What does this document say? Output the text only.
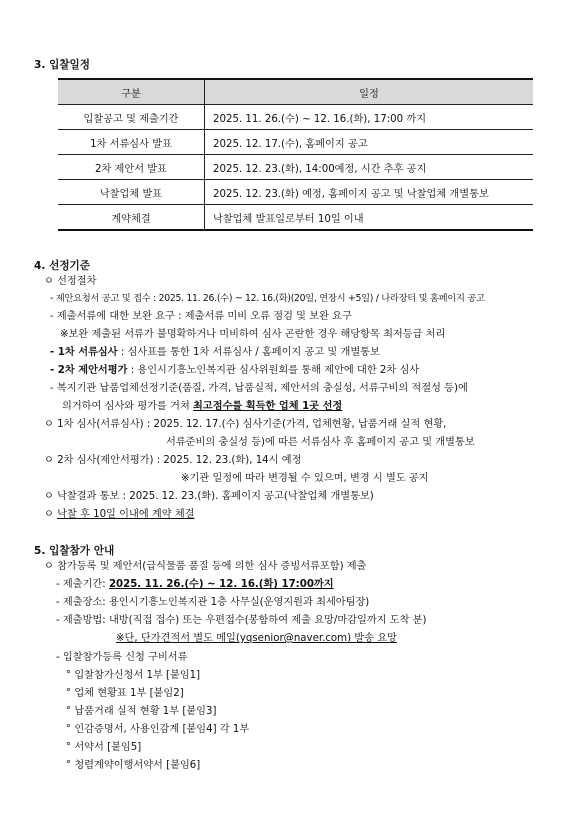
3. 입찰일정
구분	일정
입찰공고 및 제출기간	2025. 11. 26.(수) ~ 12. 16.(화), 17:00 까지
1차 서류심사 발표	2025. 12. 17.(수), 홈페이지 공고
2차 제안서 발표	2025. 12. 23.(화), 14:00예정, 시간 추후 공지
낙찰업체 발표	2025. 12. 23.(화) 예정, 홈페이지 공고 및 낙찰업체 개별통보
계약체결	낙찰업체 발표일로부터 10일 이내
4. 선정기준
ㅇ 선정절차
- 제안요청서 공고 및 접수 : 2025. 11. 26.(수) ~ 12. 16.(화)(20일, 연장시 +5일) / 나라장터 및 홈페이지 공고
- 제출서류에 대한 보완 요구 : 제출서류 미비 오류 점검 및 보완 요구
※보완 제출된 서류가 불명확하거나 미비하여 심사 곤란한 경우 해당항목 최저등급 처리
- 1차 서류심사 : 심사표를 통한 1차 서류심사 / 홈페이지 공고 및 개별통보
- 2차 제안서평가 : 용인시기흥노인복지관 심사위원회를 통해 제안에 대한 2차 심사
- 복지기관 납품업체선정기준(품질, 가격, 납품실적, 제안서의 충실성, 서류구비의 적절성 등)에
의거하여 심사와 평가를 거쳐 최고점수를 획득한 업체 1곳 선정
ㅇ 1차 심사(서류심사) : 2025. 12. 17.(수) 심사기준(가격, 업체현황, 납품거래 실적 현황,
서류준비의 충실성 등)에 따른 서류심사 후 홈페이지 공고 및 개별통보
ㅇ 2차 심사(제안서평가) : 2025. 12. 23.(화), 14시 예정
※기관 일정에 따라 변경될 수 있으며, 변경 시 별도 공지
ㅇ 낙찰결과 통보 : 2025. 12. 23.(화). 홈페이지 공고(낙찰업체 개별통보)
ㅇ 낙찰 후 10일 이내에 계약 체결
5. 입찰참가 안내
ㅇ 참가등록 및 제안서(급식물품 품질 등에 의한 심사 증빙서류포함) 제출
- 제출기간: 2025. 11. 26.(수) ~ 12. 16.(화) 17:00까지
- 제출장소: 용인시기흥노인복지관 1층 사무실(운영지원과 최세아팀장)
- 제출방법: 내방(직접 접수) 또는 우편접수(봉함하여 제출 요망/마감일까지 도착 분)
※단, 단가견적서 별도 메일(yqsenior@naver.com) 발송 요망
- 입찰참가등록 신청 구비서류
° 입찰참가신청서 1부 [붙임1]
° 업체 현황표 1부 [붙임2]
° 납품거래 실적 현황 1부 [붙임3]
° 인감증명서, 사용인감계 [붙임4] 각 1부
° 서약서 [붙임5]
° 청렴계약이행서약서 [붙임6]
